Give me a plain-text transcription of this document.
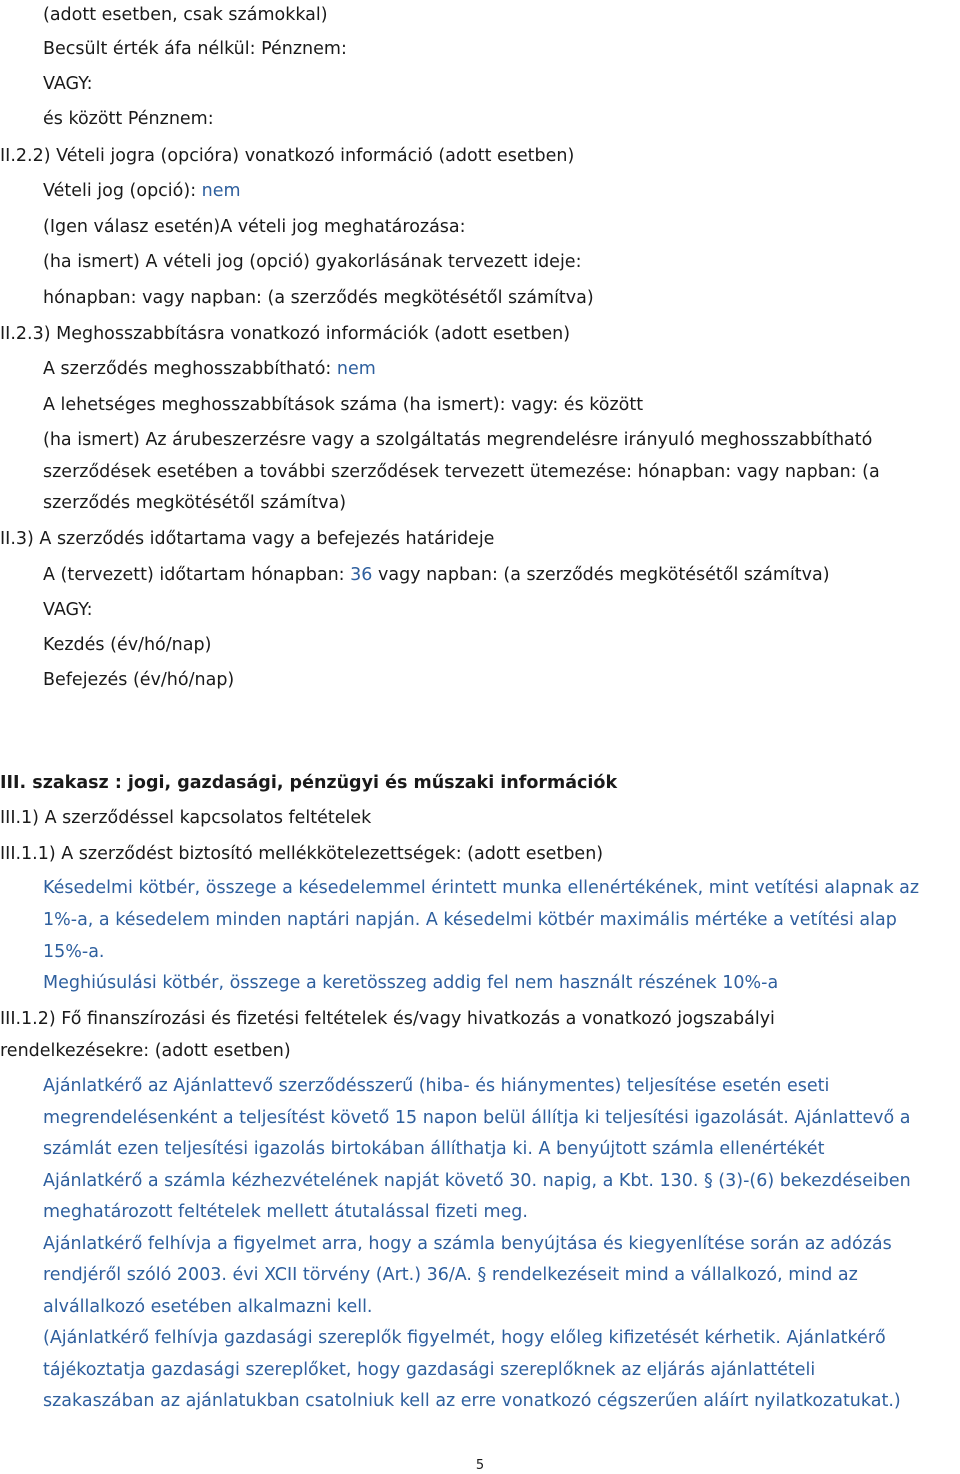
(adott esetben, csak számokkal)
Becsült érték áfa nélkül: Pénznem:
VAGY:
és között Pénznem:
II.2.2) Vételi jogra (opcióra) vonatkozó információ (adott esetben)
Vételi jog (opció): nem
(Igen válasz esetén)A vételi jog meghatározása:
(ha ismert) A vételi jog (opció) gyakorlásának tervezett ideje:
hónapban: vagy napban: (a szerződés megkötésétől számítva)
II.2.3) Meghosszabbításra vonatkozó információk (adott esetben)
A szerződés meghosszabbítható: nem
A lehetséges meghosszabbítások száma (ha ismert): vagy: és között
(ha ismert) Az árubeszerzésre vagy a szolgáltatás megrendelésre irányuló meghosszabbítható
szerződések esetében a további szerződések tervezett ütemezése: hónapban: vagy napban: (a
szerződés megkötésétől számítva)
II.3) A szerződés időtartama vagy a befejezés határideje
A (tervezett) időtartam hónapban: 36 vagy napban: (a szerződés megkötésétől számítva)
VAGY:
Kezdés (év/hó/nap)
Befejezés (év/hó/nap)
III. szakasz : jogi, gazdasági, pénzügyi és műszaki információk
III.1) A szerződéssel kapcsolatos feltételek
III.1.1) A szerződést biztosító mellékkötelezettségek: (adott esetben)
Késedelmi kötbér, összege a késedelemmel érintett munka ellenértékének, mint vetítési alapnak az
1%-a, a késedelem minden naptári napján. A késedelmi kötbér maximális mértéke a vetítési alap
15%-a.
Meghiúsulási kötbér, összege a keretösszeg addig fel nem használt részének 10%-a
III.1.2) Fő finanszírozási és fizetési feltételek és/vagy hivatkozás a vonatkozó jogszabályi
rendelkezésekre: (adott esetben)
Ajánlatkérő az Ajánlattevő szerződésszerű (hiba- és hiánymentes) teljesítése esetén eseti
megrendelésenként a teljesítést követő 15 napon belül állítja ki teljesítési igazolását. Ajánlattevő a
számlát ezen teljesítési igazolás birtokában állíthatja ki. A benyújtott számla ellenértékét
Ajánlatkérő a számla kézhezvételének napját követő 30. napig, a Kbt. 130. § (3)-(6) bekezdéseiben
meghatározott feltételek mellett átutalással fizeti meg.
Ajánlatkérő felhívja a figyelmet arra, hogy a számla benyújtása és kiegyenlítése során az adózás
rendjéről szóló 2003. évi XCII törvény (Art.) 36/A. § rendelkezéseit mind a vállalkozó, mind az
alvállalkozó esetében alkalmazni kell.
(Ajánlatkérő felhívja gazdasági szereplők figyelmét, hogy előleg kifizetését kérhetik. Ajánlatkérő
tájékoztatja gazdasági szereplőket, hogy gazdasági szereplőknek az eljárás ajánlattételi
szakaszában az ajánlatukban csatolniuk kell az erre vonatkozó cégszerűen aláírt nyilatkozatukat.)
5
